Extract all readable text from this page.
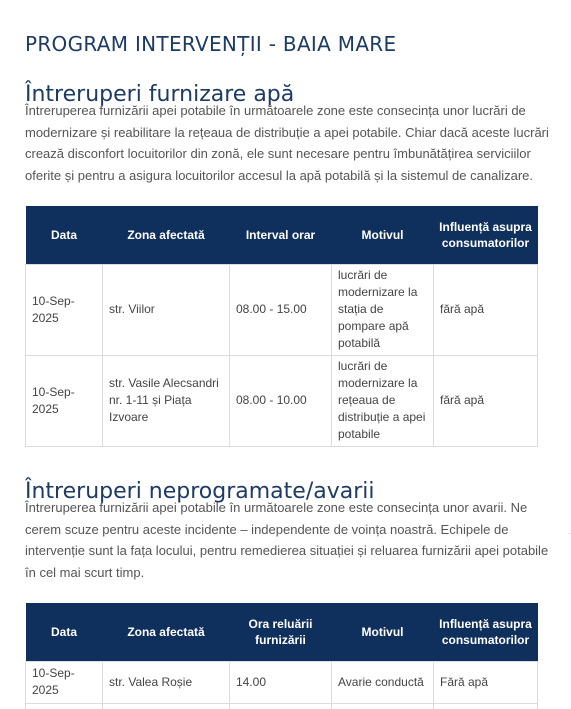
PROGRAM INTERVENȚII - BAIA MARE
Întreruperi furnizare apă
Întreruperea furnizării apei potabile în următoarele zone este consecința unor lucrări de
modernizare și reabilitare la rețeaua de distribuție a apei potabile. Chiar dacă aceste lucrări
crează disconfort locuitorilor din zonă, ele sunt necesare pentru îmbunătățirea serviciilor
oferite și pentru a asigura locuitorilor accesul la apă potabilă și la sistemul de canalizare.
Data	Zona afectată	Interval orar	Motivul	Influență asupra consumatorilor
10-Sep-2025	str. Viilor	08.00 - 15.00	lucrări de modernizare la stația de pompare apă potabilă	fără apă
10-Sep-2025	str. Vasile Alecsandri nr. 1-11 și Piața Izvoare	08.00 - 10.00	lucrări de modernizare la rețeaua de distribuție a apei potabile	fără apă
Întreruperi neprogramate/avarii
Întreruperea furnizării apei potabile în următoarele zone este consecința unor avarii. Ne
cerem scuze pentru aceste incidente – independente de voința noastră. Echipele de
intervenție sunt la fața locului, pentru remedierea situației și reluarea furnizării apei potabile
în cel mai scurt timp.
Data	Zona afectată	Ora reluării furnizării	Motivul	Influență asupra consumatorilor
10-Sep-2025	str. Valea Roșie	14.00	Avarie conductă	Fără apă
